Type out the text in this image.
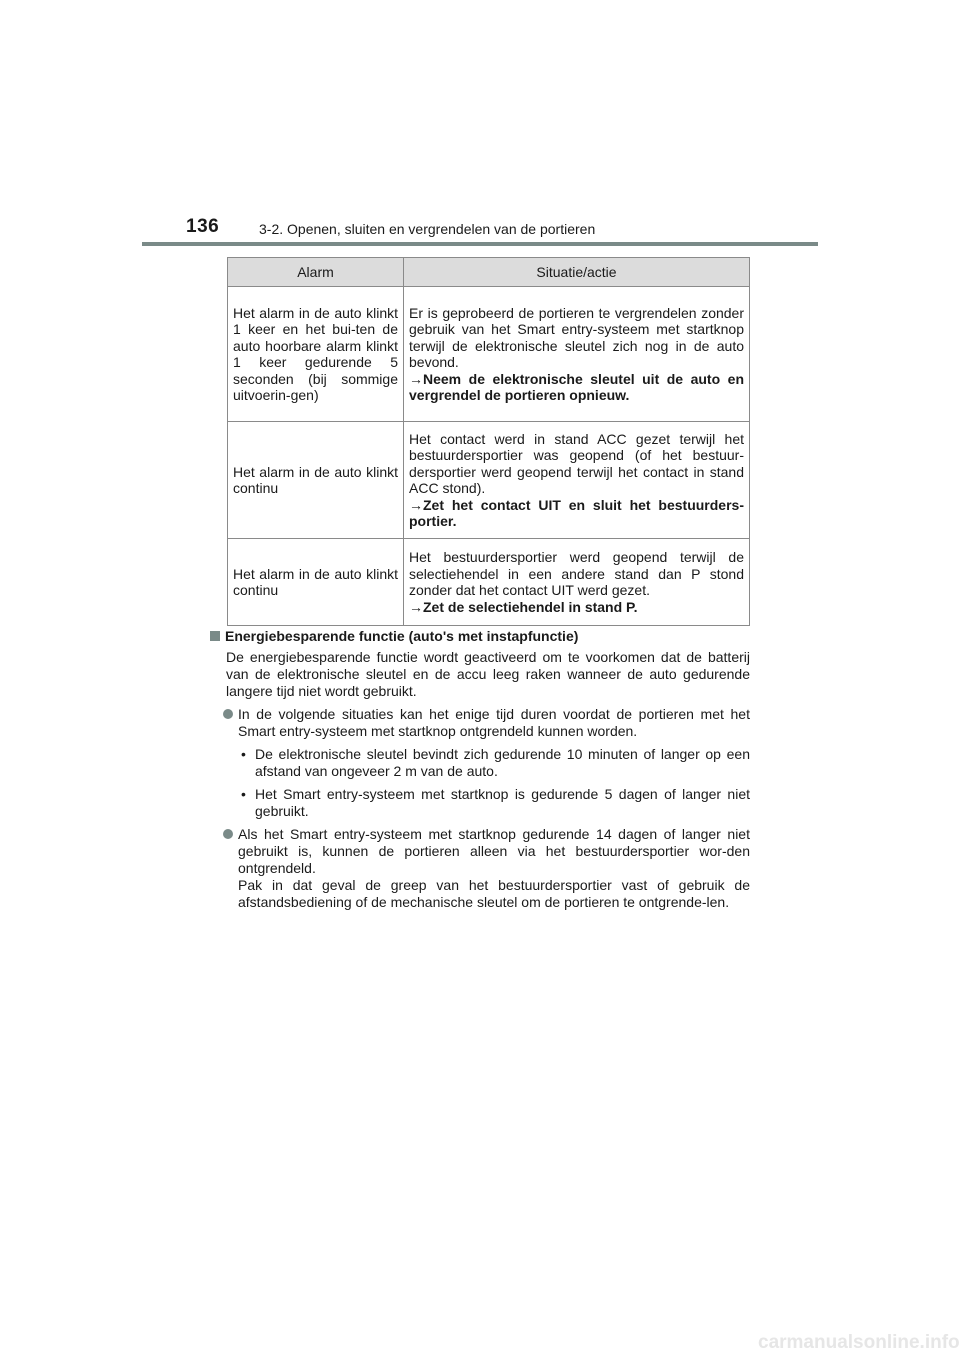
136	3-2. Openen, sluiten en vergrendelen van de portieren
Alarm	Situatie/actie
Het alarm in de auto klinkt 1 keer en het bui-ten de auto hoorbare alarm klinkt 1 keer gedurende 5 seconden (bij sommige uitvoerin-gen)	Er is geprobeerd de portieren te vergrendelen zonder gebruik van het Smart entry-systeem met startknop terwijl de elektronische sleutel zich nog in de auto bevond.
→Neem de elektronische sleutel uit de auto en vergrendel de portieren opnieuw.

Het alarm in de auto klinkt continu	Het contact werd in stand ACC gezet terwijl het bestuurdersportier was geopend (of het bestuur-dersportier werd geopend terwijl het contact in stand ACC stond).
→Zet het contact UIT en sluit het bestuurders-portier.

Het alarm in de auto klinkt continu	Het bestuurdersportier werd geopend terwijl de selectiehendel in een andere stand dan P stond zonder dat het contact UIT werd gezet.
→Zet de selectiehendel in stand P.
Energiebesparende functie (auto's met instapfunctie)
De energiebesparende functie wordt geactiveerd om te voorkomen dat de batterij van de elektronische sleutel en de accu leeg raken wanneer de auto gedurende langere tijd niet wordt gebruikt.
In de volgende situaties kan het enige tijd duren voordat de portieren met het Smart entry-systeem met startknop ontgrendeld kunnen worden.
• De elektronische sleutel bevindt zich gedurende 10 minuten of langer op een afstand van ongeveer 2 m van de auto.
• Het Smart entry-systeem met startknop is gedurende 5 dagen of langer niet gebruikt.
Als het Smart entry-systeem met startknop gedurende 14 dagen of langer niet gebruikt is, kunnen de portieren alleen via het bestuurdersportier wor-den ontgrendeld.
Pak in dat geval de greep van het bestuurdersportier vast of gebruik de afstandsbediening of de mechanische sleutel om de portieren te ontgrende-len.
carmanualsonline.info
